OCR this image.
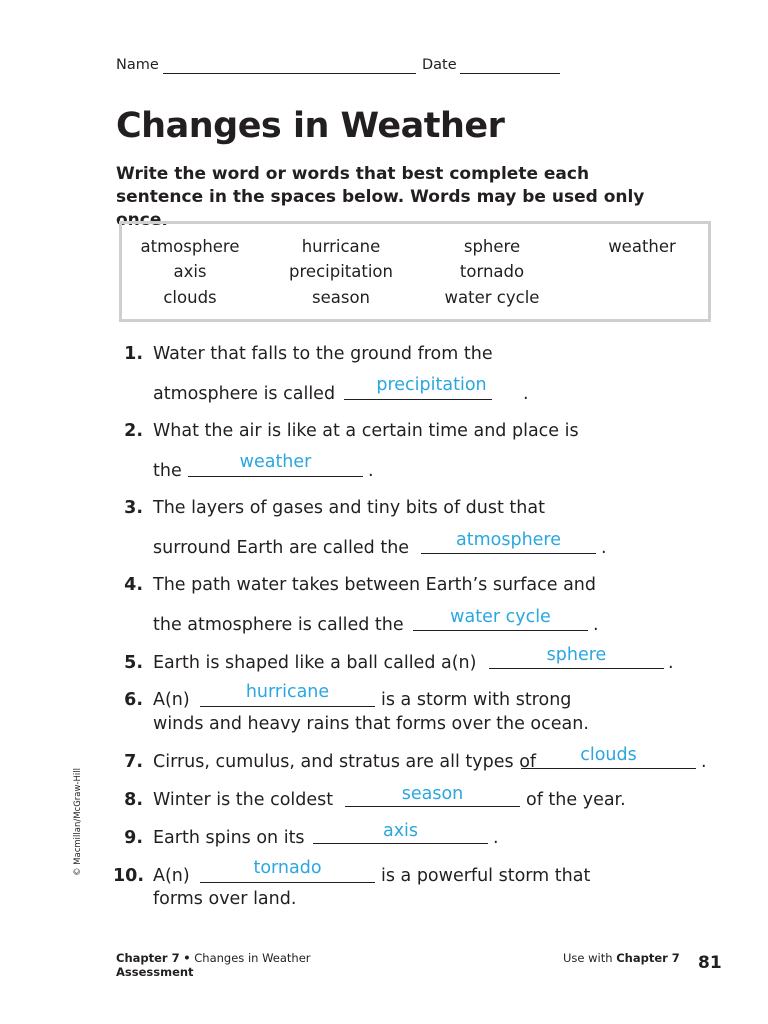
Name	Date
Changes in Weather
Write the word or words that best complete each sentence in the spaces below. Words may be used only once.
atmosphere	hurricane	sphere	weather
axis	precipitation	tornado
clouds	season	water cycle
1. Water that falls to the ground from the
atmosphere is called	precipitation	.
2. What the air is like at a certain time and place is
the	weather	.
3. The layers of gases and tiny bits of dust that
surround Earth are called the	atmosphere	.
4. The path water takes between Earth’s surface and
the atmosphere is called the	water cycle	.
5. Earth is shaped like a ball called a(n)	sphere	.
6. A(n)	hurricane	is a storm with strong
winds and heavy rains that forms over the ocean.
7. Cirrus, cumulus, and stratus are all types of	clouds	.
8. Winter is the coldest	season	of the year.
9. Earth spins on its	axis	.
10. A(n)	tornado	is a powerful storm that
forms over land.
© Macmillan/McGraw-Hill
Chapter 7 • Changes in Weather
Assessment
Use with Chapter 7 81
